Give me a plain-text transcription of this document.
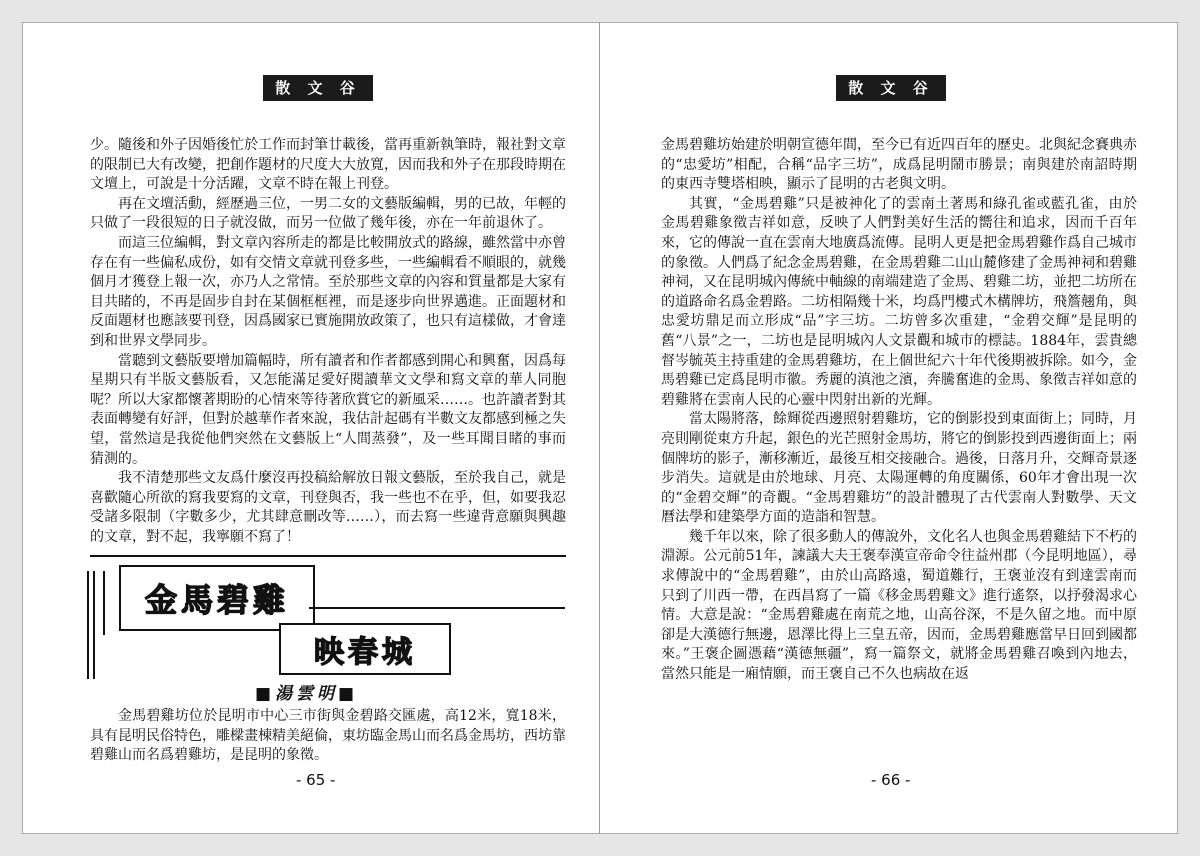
散 文 谷

少。隨後和外子因婚後忙於工作而封筆廿載後，當再重新執筆時，報社對文章的限制已大有改變，把創作題材的尺度大大放寬，因而我和外子在那段時期在文壇上，可說是十分活躍，文章不時在報上刊登。

再在文壇活動，經歷過三位，一男二女的文藝版編輯，男的已故，年輕的只做了一段很短的日子就沒做，而另一位做了幾年後，亦在一年前退休了。

而這三位編輯，對文章內容所走的都是比較開放式的路線，雖然當中亦曾存在有一些偏私成份，如有交情文章就刊登多些，一些編輯看不順眼的，就幾個月才獲登上報一次，亦乃人之常情。至於那些文章的內容和質量都是大家有目共睹的，不再是固步自封在某個框框裡，而是逐步向世界邁進。正面題材和反面題材也應該要刊登，因爲國家已實施開放政策了，也只有這樣做，才會達到和世界文學同步。

當聽到文藝版要增加篇幅時，所有讀者和作者都感到開心和興奮，因爲每星期只有半版文藝版看，又怎能滿足愛好閱讀華文文學和寫文章的華人同胞呢？所以大家都懷著期盼的心情來等待著欣賞它的新風采……。也許讀者對其表面轉變有好評，但對於越華作者來說，我估計起碼有半數文友都感到極之失望，當然這是我從他們突然在文藝版上“人間蒸發”，及一些耳聞目睹的事而猜測的。

我不清楚那些文友爲什麼沒再投稿給解放日報文藝版，至於我自己，就是喜歡隨心所欲的寫我要寫的文章，刊登與否，我一些也不在乎，但，如要我忍受諸多限制（字數多少，尤其肆意刪改等……），而去寫一些違背意願與興趣的文章，對不起，我寧願不寫了！

金馬碧雞
映春城
■湯雲明■

金馬碧雞坊位於昆明市中心三市街與金碧路交匯處，高12米，寬18米，具有昆明民俗特色，雕樑畫棟精美絕倫，東坊臨金馬山而名爲金馬坊，西坊靠碧雞山而名爲碧雞坊，是昆明的象徵。

- 65 -
散 文 谷

金馬碧雞坊始建於明朝宣德年間，至今已有近四百年的歷史。北與紀念賽典赤的“忠愛坊”相配，合稱“品字三坊”，成爲昆明鬧市勝景；南與建於南詔時期的東西寺雙塔相映，顯示了昆明的古老與文明。

其實，“金馬碧雞”只是被神化了的雲南土著馬和綠孔雀或藍孔雀，由於金馬碧雞象徵吉祥如意，反映了人們對美好生活的嚮往和追求，因而千百年來，它的傳說一直在雲南大地廣爲流傳。昆明人更是把金馬碧雞作爲自己城市的象徵。人們爲了紀念金馬碧雞，在金馬碧雞二山山麓修建了金馬神祠和碧雞神祠，又在昆明城內傳統中軸線的南端建造了金馬、碧雞二坊，並把二坊所在的道路命名爲金碧路。二坊相隔幾十米，均爲門樓式木構牌坊，飛簷翹角，與忠愛坊鼎足而立形成“品”字三坊。二坊曾多次重建，“金碧交輝”是昆明的舊“八景”之一，二坊也是昆明城內人文景觀和城市的標誌。1884年，雲貴總督岑毓英主持重建的金馬碧雞坊，在上個世紀六十年代後期被拆除。如今，金馬碧雞已定爲昆明市徽。秀麗的滇池之濱，奔騰奮進的金馬、象徵吉祥如意的碧雞將在雲南人民的心靈中閃射出新的光輝。

當太陽將落，餘輝從西邊照射碧雞坊，它的倒影投到東面街上；同時，月亮則剛從東方升起，銀色的光芒照射金馬坊，將它的倒影投到西邊街面上；兩個牌坊的影子，漸移漸近，最後互相交接融合。過後，日落月升，交輝奇景逐步消失。這就是由於地球、月亮、太陽運轉的角度關係，60年才會出現一次的“金碧交輝”的奇觀。“金馬碧雞坊”的設計體現了古代雲南人對數學、天文曆法學和建築學方面的造詣和智慧。

幾千年以來，除了很多動人的傳說外，文化名人也與金馬碧雞結下不朽的淵源。公元前51年，諫議大夫王褒奉漢宣帝命令往益州郡（今昆明地區），尋求傳說中的“金馬碧雞”，由於山高路遠，蜀道難行，王褒並沒有到達雲南而只到了川西一帶，在西昌寫了一篇《移金馬碧雞文》進行遙祭，以抒發渴求心情。大意是說：“金馬碧雞處在南荒之地，山高谷深，不是久留之地。而中原卻是大漢德行無邊，恩澤比得上三皇五帝，因而，金馬碧雞應當早日回到國都來。”王褒企圖憑藉“漢德無疆”，寫一篇祭文，就將金馬碧雞召喚到內地去，當然只能是一廂情願，而王褒自己不久也病故在返

- 66 -
